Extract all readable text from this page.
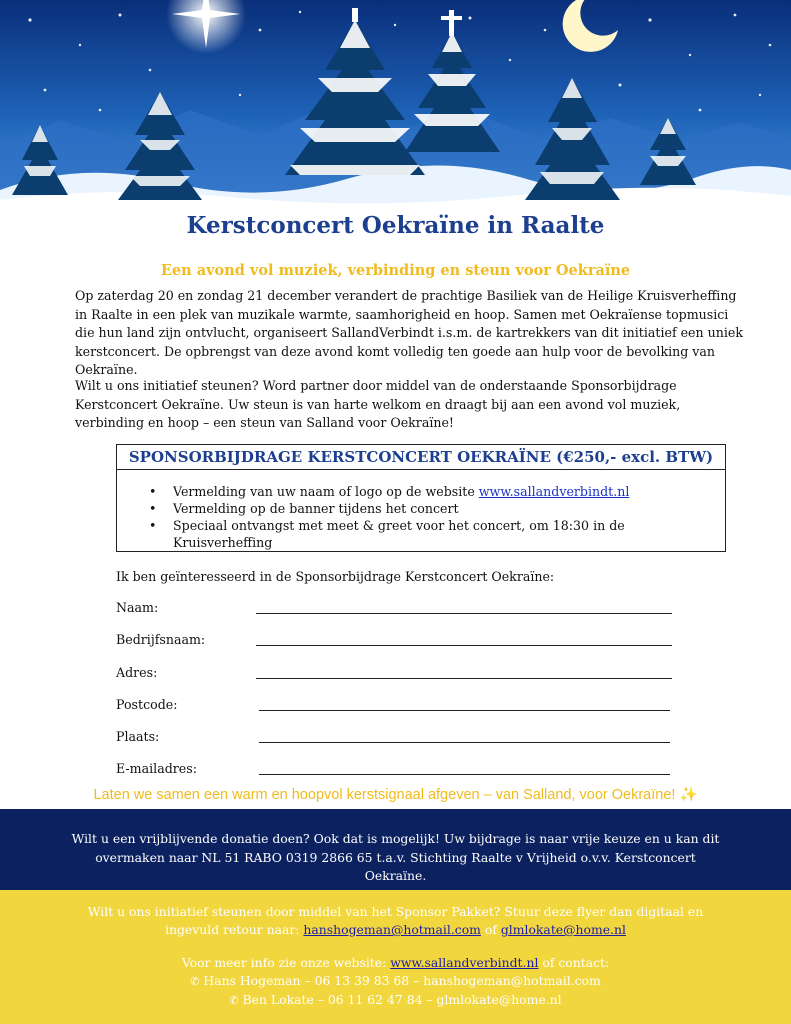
Kerstconcert Oekraïne in Raalte
Een avond vol muziek, verbinding en steun voor Oekraïne

Op zaterdag 20 en zondag 21 december verandert de prachtige Basiliek van de Heilige Kruisverheffing in Raalte in een plek van muzikale warmte, saamhorigheid en hoop. Samen met Oekraïense topmusici die hun land zijn ontvlucht, organiseert SallandVerbindt i.s.m. de kartrekkers van dit initiatief een uniek kerstconcert. De opbrengst van deze avond komt volledig ten goede aan hulp voor de bevolking van Oekraïne.

Wilt u ons initiatief steunen? Word partner door middel van de onderstaande Sponsorbijdrage Kerstconcert Oekraïne. Uw steun is van harte welkom en draagt bij aan een avond vol muziek, verbinding en hoop – een steun van Salland voor Oekraïne!

SPONSORBIJDRAGE KERSTCONCERT OEKRAÏNE (€250,- excl. BTW)
• Vermelding van uw naam of logo op de website www.sallandverbindt.nl
• Vermelding op de banner tijdens het concert
• Speciaal ontvangst met meet & greet voor het concert, om 18:30 in de Kruisverheffing
Ik ben geïnteresseerd in de Sponsorbijdrage Kerstconcert Oekraïne:
Naam:
Bedrijfsnaam:
Adres:
Postcode:
Plaats:
E-mailadres:
Laten we samen een warm en hoopvol kerstsignaal afgeven – van Salland, voor Oekraïne! ✨

Wilt u een vrijblijvende donatie doen? Ook dat is mogelijk! Uw bijdrage is naar vrije keuze en u kan dit overmaken naar NL 51 RABO 0319 2866 65 t.a.v. Stichting Raalte v Vrijheid o.v.v. Kerstconcert Oekraïne.

Wilt u ons initiatief steunen door middel van het Sponsor Pakket? Stuur deze flyer dan digitaal en ingevuld retour naar: hanshogeman@hotmail.com of glmlokate@home.nl
Voor meer info zie onze website: www.sallandverbindt.nl of contact:
✆ Hans Hogeman – 06 13 39 83 68 – hanshogeman@hotmail.com
✆ Ben Lokate – 06 11 62 47 84 – glmlokate@home.nl
